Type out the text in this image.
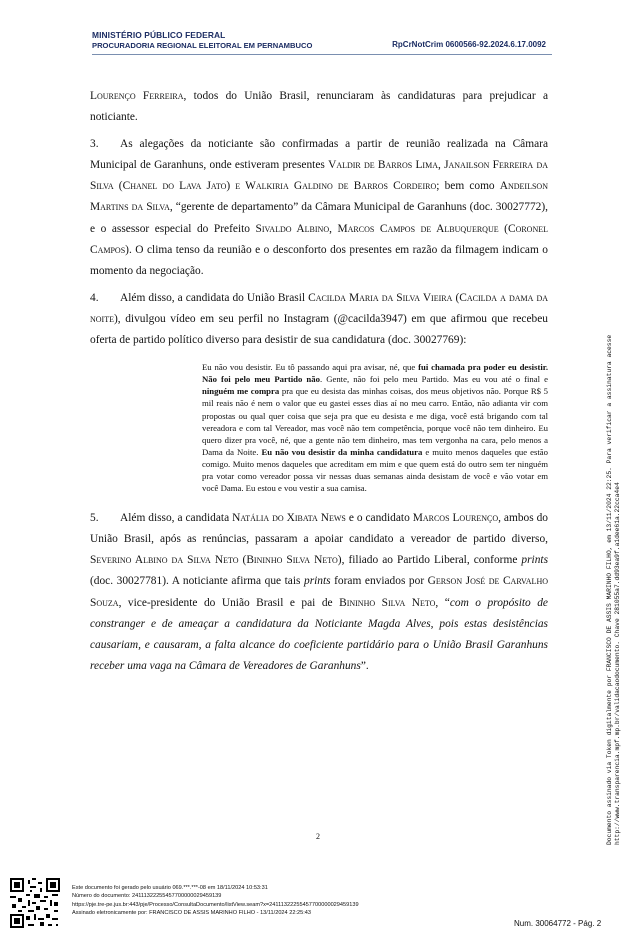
MINISTÉRIO PÚBLICO FEDERAL
PROCURADORIA REGIONAL ELEITORAL EM PERNAMBUCO	RpCrNotCrim 0600566-92.2024.6.17.0092

Lourenço Ferreira, todos do União Brasil, renunciaram às candidaturas para prejudicar a noticiante.

3. As alegações da noticiante são confirmadas a partir de reunião realizada na Câmara Municipal de Garanhuns, onde estiveram presentes Valdir de Barros Lima, Janailson Ferreira da Silva (Chanel do Lava Jato) e Walkiria Galdino de Barros Cordeiro; bem como Andeilson Martins da Silva, “gerente de departamento” da Câmara Municipal de Garanhuns (doc. 30027772), e o assessor especial do Prefeito Sivaldo Albino, Marcos Campos de Albuquerque (Coronel Campos). O clima tenso da reunião e o desconforto dos presentes em razão da filmagem indicam o momento da negociação.

4. Além disso, a candidata do União Brasil Cacilda Maria da Silva Vieira (Cacilda a dama da noite), divulgou vídeo em seu perfil no Instagram (@cacilda3947) em que afirmou que recebeu oferta de partido político diverso para desistir de sua candidatura (doc. 30027769):

Eu não vou desistir. Eu tô passando aqui pra avisar, né, que fui chamada pra poder eu desistir. Não foi pelo meu Partido não. Gente, não foi pelo meu Partido. Mas eu vou até o final e ninguém me compra pra que eu desista das minhas coisas, dos meus objetivos não. Porque R$ 5 mil reais não é nem o valor que eu gastei esses dias aí no meu carro. Então, não adianta vir com propostas ou qual quer coisa que seja pra que eu desista e me diga, você está brigando com tal vereadora e com tal Vereador, mas você não tem competência, porque você não tem dinheiro. Eu quero dizer pra você, né, que a gente não tem dinheiro, mas tem vergonha na cara, pelo menos a Dama da Noite. Eu não vou desistir da minha candidatura e muito menos daqueles que estão comigo. Muito menos daqueles que acreditam em mim e que quem está do outro sem ter ninguém pra votar como vereador possa vir nessas duas semanas ainda desistam de você e vão votar em você Dama. Eu estou e vou vestir a sua camisa.

5. Além disso, a candidata Natália do Xibata News e o candidato Marcos Lourenço, ambos do União Brasil, após as renúncias, passaram a apoiar candidato a vereador de partido diverso, Severino Albino da Silva Neto (Bininho Silva Neto), filiado ao Partido Liberal, conforme prints (doc. 30027781). A noticiante afirma que tais prints foram enviados por Gerson José de Carvalho Souza, vice-presidente do União Brasil e pai de Bininho Silva Neto, “com o propósito de constranger e de ameaçar a candidatura da Noticiante Magda Alves, pois estas desistências causariam, e causaram, a falta alcance do coeficiente partidário para o União Brasil Garanhuns receber uma vaga na Câmara de Vereadores de Garanhuns”.

2	Documento assinado via Token digitalmente por FRANCISCO DE ASSIS MARINHO FILHO, em 13/11/2024 22:25. Para verificar a assinatura acesse http://www.transparencia.mpf.mp.br/validacaodocumento. Chave 281055a7.dd93ea9f.a1dee61a.22cca4e4
Este documento foi gerado pelo usuário 069.***.***-08 em 18/11/2024 10:53:31
Número do documento: 24111322255457700000029459139
https://pje.tre-pe.jus.br:443/pje/Processo/ConsultaDocumento/listView.seam?x=24111322255457700000029459139
Assinado eletronicamente por: FRANCISCO DE ASSIS MARINHO FILHO - 13/11/2024 22:25:43
Num. 30064772 - Pág. 2
